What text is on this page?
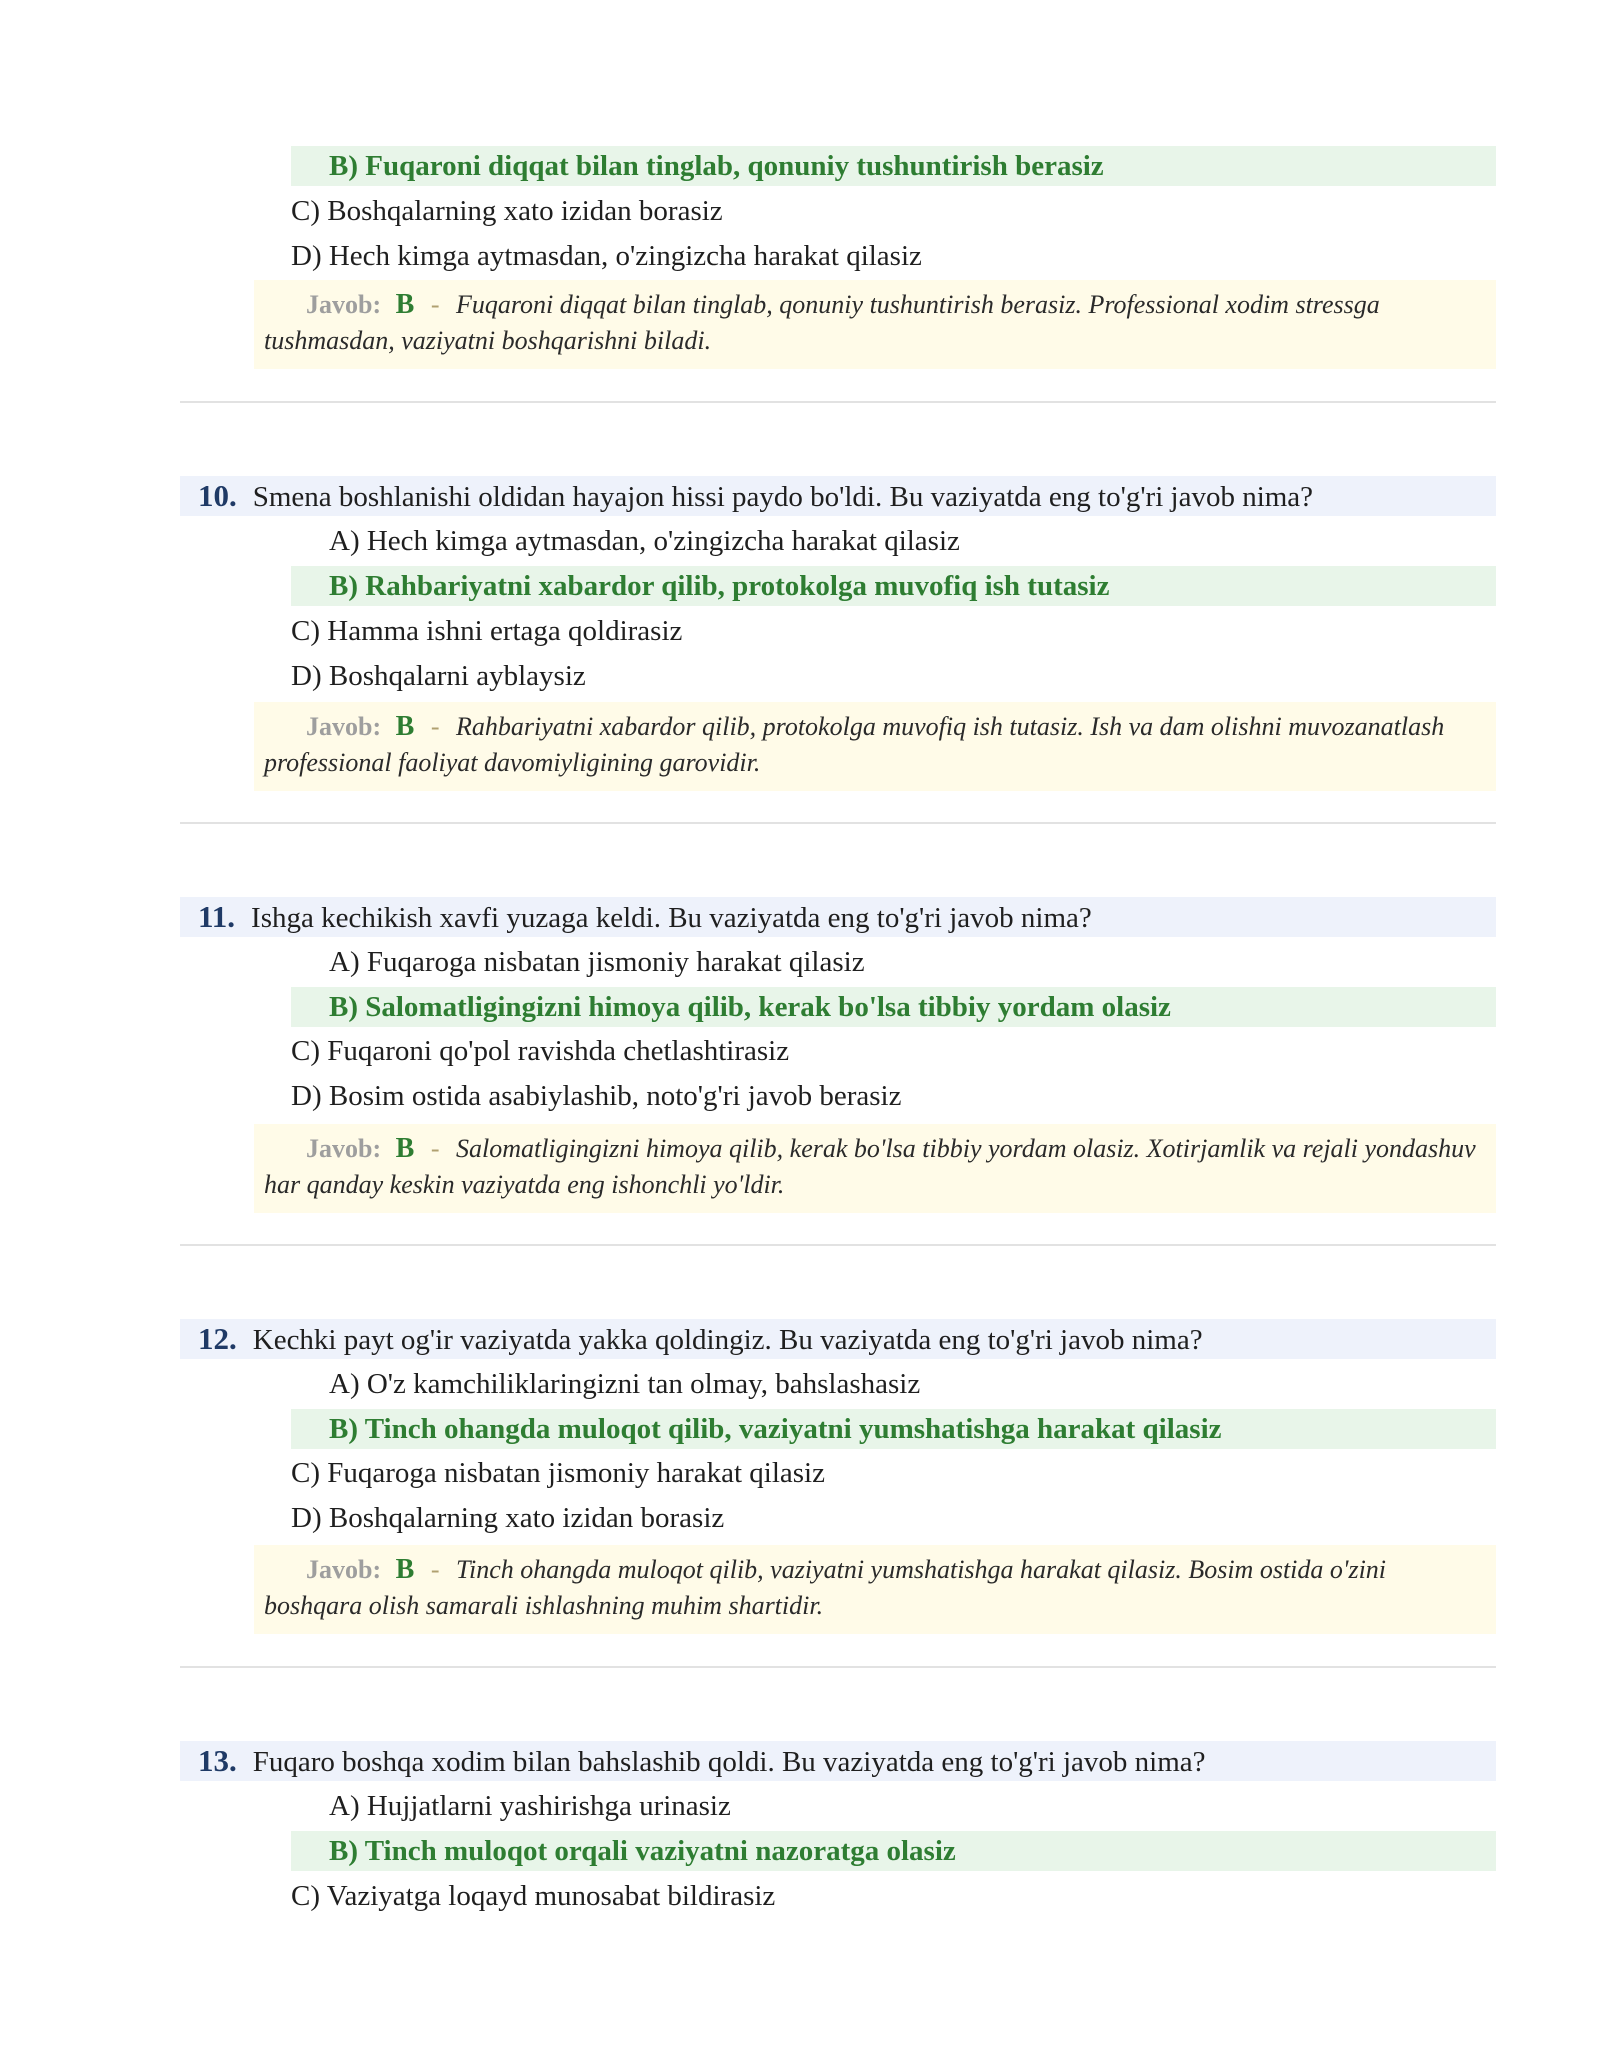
B) Fuqaroni diqqat bilan tinglab, qonuniy tushuntirish berasiz
C) Boshqalarning xato izidan borasiz
D) Hech kimga aytmasdan, o'zingizcha harakat qilasiz
Javob: B - Fuqaroni diqqat bilan tinglab, qonuniy tushuntirish berasiz. Professional xodim stressga tushmasdan, vaziyatni boshqarishni biladi.
10. Smena boshlanishi oldidan hayajon hissi paydo bo'ldi. Bu vaziyatda eng to'g'ri javob nima?
A) Hech kimga aytmasdan, o'zingizcha harakat qilasiz
B) Rahbariyatni xabardor qilib, protokolga muvofiq ish tutasiz
C) Hamma ishni ertaga qoldirasiz
D) Boshqalarni ayblaysiz
Javob: B - Rahbariyatni xabardor qilib, protokolga muvofiq ish tutasiz. Ish va dam olishni muvozanatlash professional faoliyat davomiyligining garovidir.
11. Ishga kechikish xavfi yuzaga keldi. Bu vaziyatda eng to'g'ri javob nima?
A) Fuqaroga nisbatan jismoniy harakat qilasiz
B) Salomatligingizni himoya qilib, kerak bo'lsa tibbiy yordam olasiz
C) Fuqaroni qo'pol ravishda chetlashtirasiz
D) Bosim ostida asabiylashib, noto'g'ri javob berasiz
Javob: B - Salomatligingizni himoya qilib, kerak bo'lsa tibbiy yordam olasiz. Xotirjamlik va rejali yondashuv har qanday keskin vaziyatda eng ishonchli yo'ldir.
12. Kechki payt og'ir vaziyatda yakka qoldingiz. Bu vaziyatda eng to'g'ri javob nima?
A) O'z kamchiliklaringizni tan olmay, bahslashasiz
B) Tinch ohangda muloqot qilib, vaziyatni yumshatishga harakat qilasiz
C) Fuqaroga nisbatan jismoniy harakat qilasiz
D) Boshqalarning xato izidan borasiz
Javob: B - Tinch ohangda muloqot qilib, vaziyatni yumshatishga harakat qilasiz. Bosim ostida o'zini boshqara olish samarali ishlashning muhim shartidir.
13. Fuqaro boshqa xodim bilan bahslashib qoldi. Bu vaziyatda eng to'g'ri javob nima?
A) Hujjatlarni yashirishga urinasiz
B) Tinch muloqot orqali vaziyatni nazoratga olasiz
C) Vaziyatga loqayd munosabat bildirasiz
